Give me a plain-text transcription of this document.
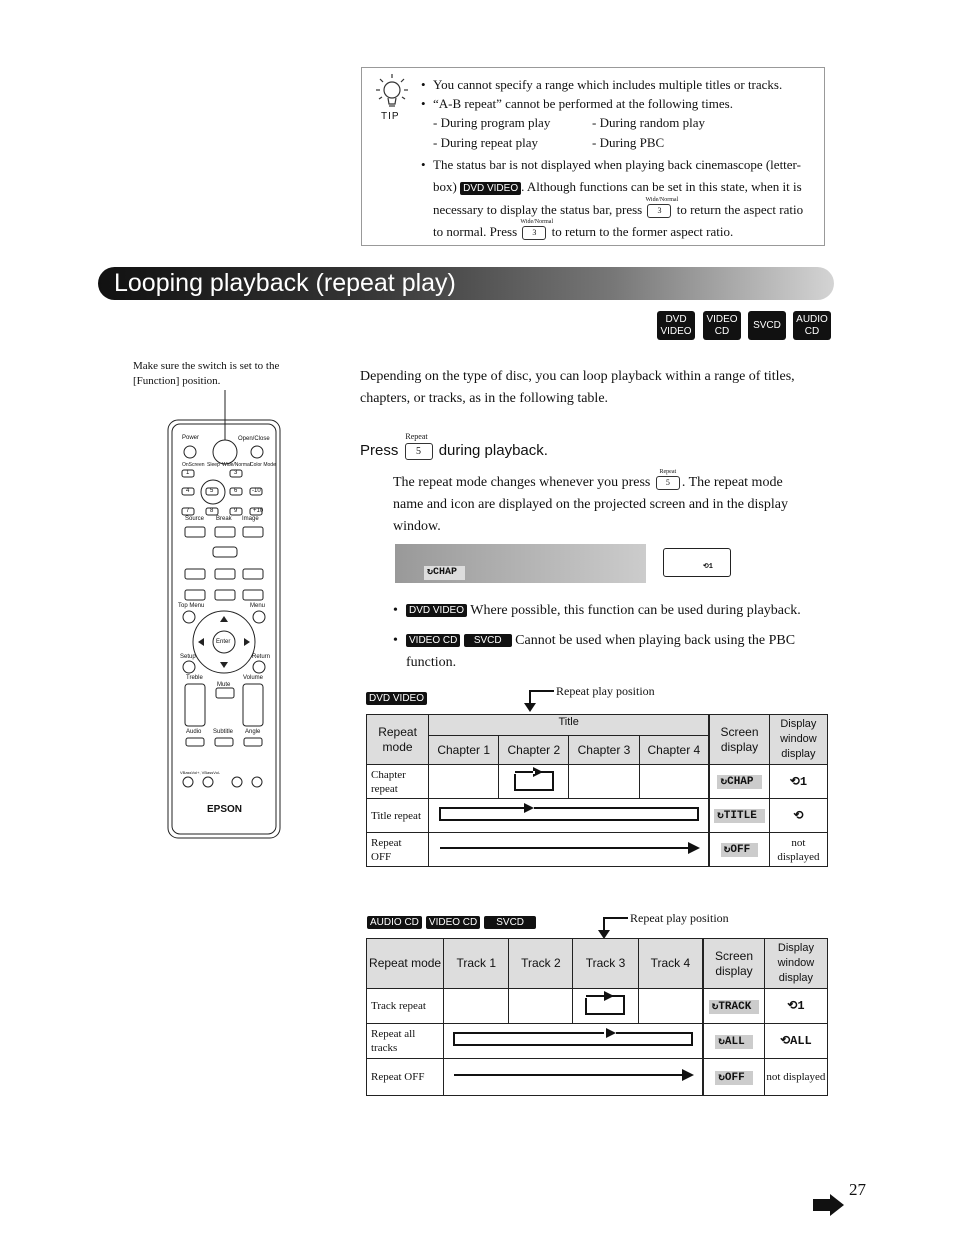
TIP
• You cannot specify a range which includes multiple titles or tracks.
• “A-B repeat” cannot be performed at the following times.
- During program play	- During random play
- During repeat play	- During PBC
• The status bar is not displayed when playing back cinemascope (letter-
box) DVD VIDEO . Although functions can be set in this state, when it is
necessary to display the status bar, press
Wide/Normal
3 to return the aspect ratio
to normal. Press
Wide/Normal
3 to return to the former aspect ratio.
Looping playback (repeat play)
DVD
VIDEO
VIDEO
CD
SVCD
AUDIO
CD
Make sure the switch is set to the
[Function] position.
Power	Open/Close
OnScreen Sleep Wide/Normal Color Mode
Source Break Image
Top Menu	Menu
Setup	Return
Enter
Treble
Mute
Volume
Audio Subtitle Angle
VBassVol+, VBassVol-
EPSON
1	3
4	5	6 -10
7	8	9	+10
Depending on the type of disc, you can loop playback within a range of titles,
chapters, or tracks, as in the following table.
Press
Repeat
5 during playback.
The repeat mode changes whenever you press
Repeat
5 . The repeat mode
name and icon are displayed on the projected screen and in the display
window.
↻CHAP	⟲1
• DVD VIDEO Where possible, this function can be used during playback.
• VIDEO CD SVCD Cannot be used when playing back using the PBC
function.
DVD VIDEO
Repeat play position
Repeat mode	Title				Screen display	Display window display
	Chapter 1	Chapter 2	Chapter 3	Chapter 4		
Chapter repeat					↻CHAP	⟲1
Title repeat					↻TITLE	⟲
Repeat OFF					↻OFF	not displayed
AUDIO CD VIDEO CD SVCD	Repeat play position
Repeat mode	Track 1	Track 2	Track 3	Track 4	Screen display	Display window display
Track repeat					↻TRACK	⟲1
Repeat all tracks					↻ALL	⟲ALL
Repeat OFF					↻OFF	not displayed
27
